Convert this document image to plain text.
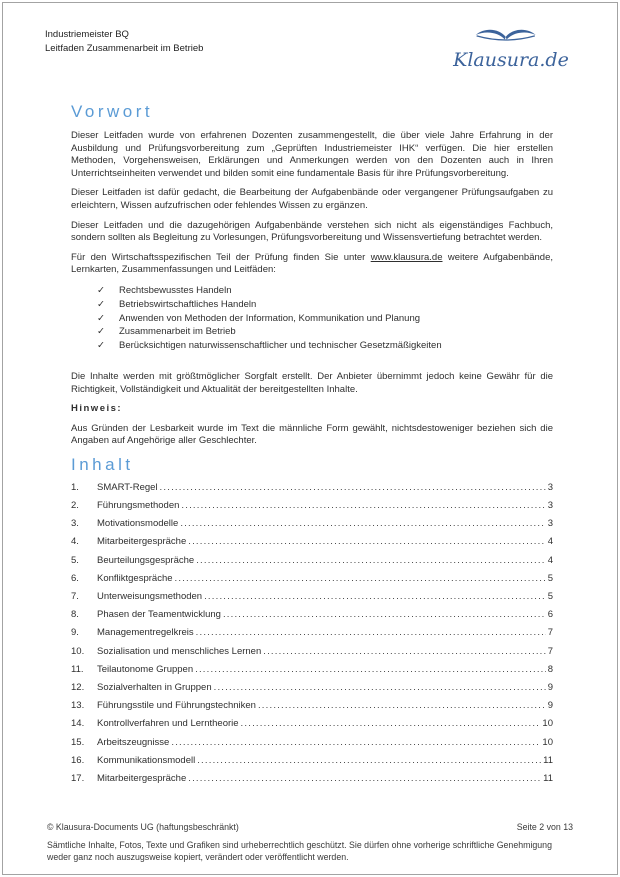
Industriemeister BQ
Leitfaden Zusammenarbeit im Betrieb
Klausura.de
Vorwort

Dieser Leitfaden wurde von erfahrenen Dozenten zusammengestellt, die über viele Jahre Erfahrung in der Ausbildung und Prüfungsvorbereitung zum „Geprüften Industriemeister IHK“ verfügen. Die hier erstellen Methoden, Vorgehensweisen, Erklärungen und Anmerkungen werden von den Dozenten auch in Ihren Unterrichtseinheiten verwendet und bilden somit eine fundamentale Basis für ihre Prüfungsvorbereitung.

Dieser Leitfaden ist dafür gedacht, die Bearbeitung der Aufgabenbände oder vergangener Prüfungsaufgaben zu erleichtern, Wissen aufzufrischen oder fehlendes Wissen zu ergänzen.

Dieser Leitfaden und die dazugehörigen Aufgabenbände verstehen sich nicht als eigenständiges Fachbuch, sondern sollten als Begleitung zu Vorlesungen, Prüfungsvorbereitung und Wissensvertiefung betrachtet werden.

Für den Wirtschaftsspezifischen Teil der Prüfung finden Sie unter www.klausura.de weitere Aufgabenbände, Lernkarten, Zusammenfassungen und Leitfäden:

✓	Rechtsbewusstes Handeln
✓	Betriebswirtschaftliches Handeln
✓	Anwenden von Methoden der Information, Kommunikation und Planung
✓	Zusammenarbeit im Betrieb
✓	Berücksichtigen naturwissenschaftlicher und technischer Gesetzmäßigkeiten

Die Inhalte werden mit größtmöglicher Sorgfalt erstellt. Der Anbieter übernimmt jedoch keine Gewähr für die Richtigkeit, Vollständigkeit und Aktualität der bereitgestellten Inhalte.

Hinweis:

Aus Gründen der Lesbarkeit wurde im Text die männliche Form gewählt, nichtsdestoweniger beziehen sich die Angaben auf Angehörige aller Geschlechter.

Inhalt
1.	SMART-Regel .....	3
2.	Führungsmethoden .....	3
3.	Motivationsmodelle .....	3
4.	Mitarbeitergespräche .....	4
5.	Beurteilungsgespräche .....	4
6.	Konfliktgespräche .....	5
7.	Unterweisungsmethoden .....	5
8.	Phasen der Teamentwicklung .....	6
9.	Managementregelkreis .....	7
10.	Sozialisation und menschliches Lernen .....	7
11.	Teilautonome Gruppen .....	8
12.	Sozialverhalten in Gruppen .....	9
13.	Führungsstile und Führungstechniken .....	9
14.	Kontrollverfahren und Lerntheorie .....	10
15.	Arbeitszeugnisse .....	10
16.	Kommunikationsmodell .....	11
17.	Mitarbeitergespräche .....	11
© Klausura-Documents UG (haftungsbeschränkt)	Seite 2 von 13
Sämtliche Inhalte, Fotos, Texte und Grafiken sind urheberrechtlich geschützt. Sie dürfen ohne vorherige schriftliche Genehmigung weder ganz noch auszugsweise kopiert, verändert oder veröffentlicht werden.
